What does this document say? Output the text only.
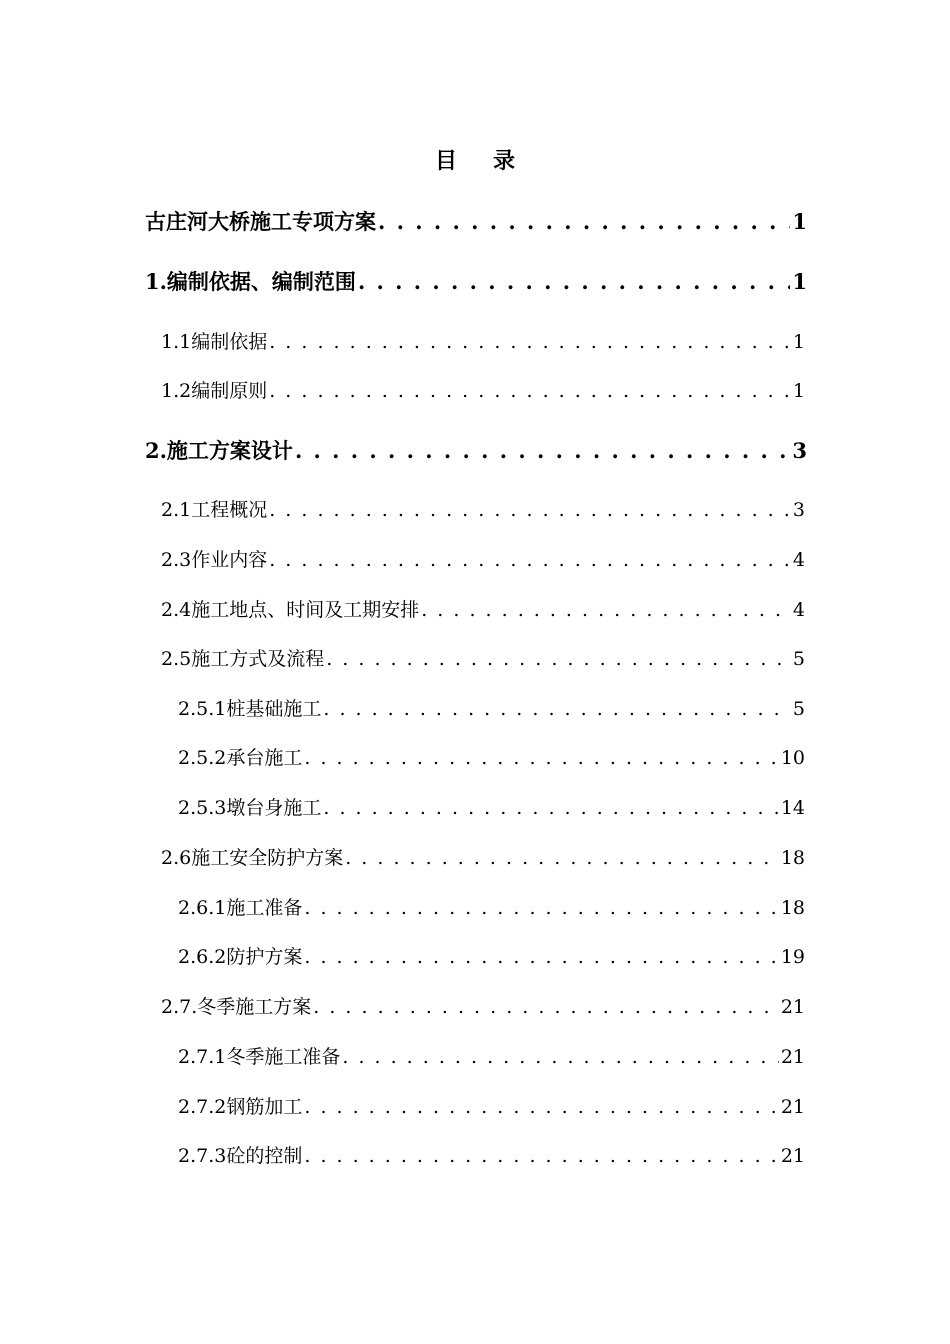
目录
古庄河大桥施工专项方案 . . .	1
1.编制依据、编制范围 . . .	1
1.1编制依据 . . .	1
1.2编制原则 . . .	1
2.施工方案设计 . . .	3
2.1工程概况 . . .	3
2.3作业内容 . . .	4
2.4施工地点、时间及工期安排 . . .	4
2.5施工方式及流程 . . .	5
2.5.1桩基础施工 . . .	5
2.5.2承台施工 . . .	10
2.5.3墩台身施工 . . .	14
2.6施工安全防护方案 . . .	18
2.6.1施工准备 . . .	18
2.6.2防护方案 . . .	19
2.7.冬季施工方案 . . .	21
2.7.1冬季施工准备 . . .	21
2.7.2钢筋加工 . . .	21
2.7.3砼的控制 . . .	21
